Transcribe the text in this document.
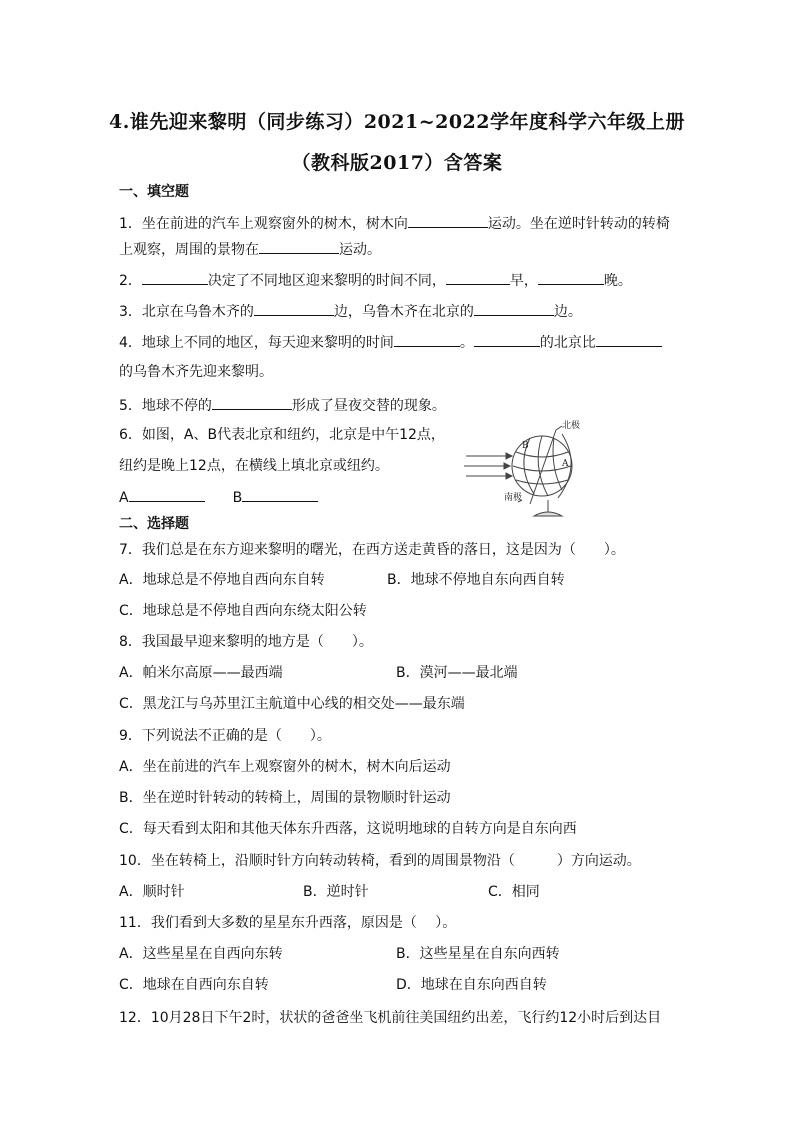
4.谁先迎来黎明（同步练习）2021~2022学年度科学六年级上册
（教科版2017）含答案
一、填空题
1．坐在前进的汽车上观察窗外的树木，树木向	运动。坐在逆时针转动的转椅
上观察，周围的景物在	运动。
2．	决定了不同地区迎来黎明的时间不同，	早，	晚。
3．北京在乌鲁木齐的	边，乌鲁木齐在北京的	边。
4．地球上不同的地区，每天迎来黎明的时间	。	的北京比
的乌鲁木齐先迎来黎明。
5．地球不停的	形成了昼夜交替的现象。
6．如图，A、B代表北京和纽约，北京是中午12点，
纽约是晚上12点，在横线上填北京或纽约。
A	B
北极
南极
B
A
二、选择题
7．我们总是在东方迎来黎明的曙光，在西方送走黄昏的落日，这是因为（　　）。
A．地球总是不停地自西向东自转	B．地球不停地自东向西自转
C．地球总是不停地自西向东绕太阳公转
8．我国最早迎来黎明的地方是（　　）。
A．帕米尔高原——最西端	B．漠河——最北端
C．黑龙江与乌苏里江主航道中心线的相交处——最东端
9．下列说法不正确的是（　　）。
A．坐在前进的汽车上观察窗外的树木，树木向后运动
B．坐在逆时针转动的转椅上，周围的景物顺时针运动
C．每天看到太阳和其他天体东升西落，这说明地球的自转方向是自东向西
10．坐在转椅上，沿顺时针方向转动转椅，看到的周围景物沿（　　　）方向运动。
A．顺时针	B．逆时针	C．相同
11．我们看到大多数的星星东升西落，原因是（　 ）。
A．这些星星在自西向东转	B．这些星星在自东向西转
C．地球在自西向东自转	D．地球在自东向西自转
12．10月28日下午2时，状状的爸爸坐飞机前往美国纽约出差，飞行约12小时后到达目
